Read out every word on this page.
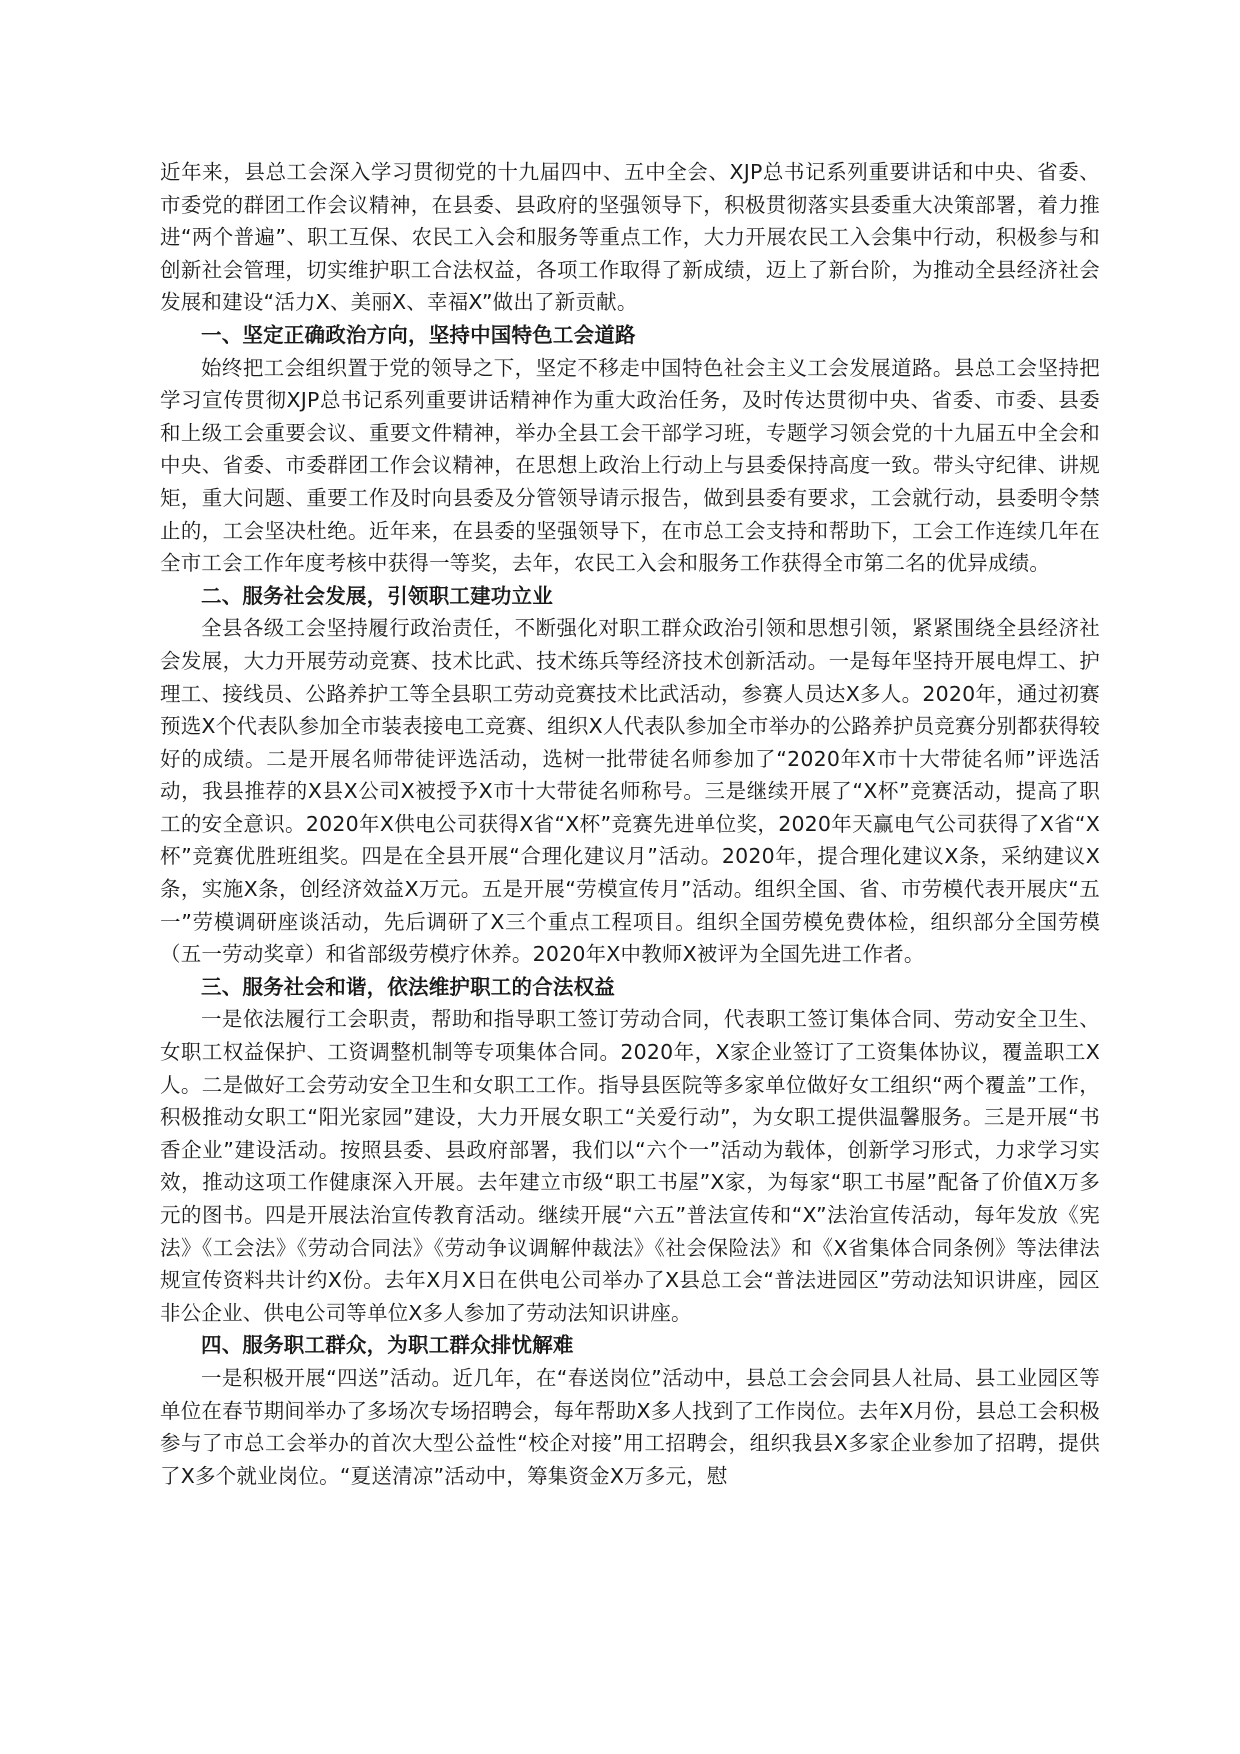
近年来，县总工会深入学习贯彻党的十九届四中、五中全会、XJP总书记系列重要讲话和中央、省委、市委党的群团工作会议精神，在县委、县政府的坚强领导下，积极贯彻落实县委重大决策部署，着力推进“两个普遍”、职工互保、农民工入会和服务等重点工作，大力开展农民工入会集中行动，积极参与和创新社会管理，切实维护职工合法权益，各项工作取得了新成绩，迈上了新台阶，为推动全县经济社会发展和建设“活力X、美丽X、幸福X”做出了新贡献。

一、坚定正确政治方向，坚持中国特色工会道路

始终把工会组织置于党的领导之下，坚定不移走中国特色社会主义工会发展道路。县总工会坚持把学习宣传贯彻XJP总书记系列重要讲话精神作为重大政治任务，及时传达贯彻中央、省委、市委、县委和上级工会重要会议、重要文件精神，举办全县工会干部学习班，专题学习领会党的十九届五中全会和中央、省委、市委群团工作会议精神，在思想上政治上行动上与县委保持高度一致。带头守纪律、讲规矩，重大问题、重要工作及时向县委及分管领导请示报告，做到县委有要求，工会就行动，县委明令禁止的，工会坚决杜绝。近年来，在县委的坚强领导下，在市总工会支持和帮助下，工会工作连续几年在全市工会工作年度考核中获得一等奖，去年，农民工入会和服务工作获得全市第二名的优异成绩。

二、服务社会发展，引领职工建功立业

全县各级工会坚持履行政治责任，不断强化对职工群众政治引领和思想引领，紧紧围绕全县经济社会发展，大力开展劳动竞赛、技术比武、技术练兵等经济技术创新活动。一是每年坚持开展电焊工、护理工、接线员、公路养护工等全县职工劳动竞赛技术比武活动，参赛人员达X多人。2020年，通过初赛预选X个代表队参加全市装表接电工竞赛、组织X人代表队参加全市举办的公路养护员竞赛分别都获得较好的成绩。二是开展名师带徒评选活动，选树一批带徒名师参加了“2020年X市十大带徒名师”评选活动，我县推荐的X县X公司X被授予X市十大带徒名师称号。三是继续开展了“X杯”竞赛活动，提高了职工的安全意识。2020年X供电公司获得X省“X杯”竞赛先进单位奖，2020年天赢电气公司获得了X省“X杯”竞赛优胜班组奖。四是在全县开展“合理化建议月”活动。2020年，提合理化建议X条，采纳建议X条，实施X条，创经济效益X万元。五是开展“劳模宣传月”活动。组织全国、省、市劳模代表开展庆“五一”劳模调研座谈活动，先后调研了X三个重点工程项目。组织全国劳模免费体检，组织部分全国劳模（五一劳动奖章）和省部级劳模疗休养。2020年X中教师X被评为全国先进工作者。

三、服务社会和谐，依法维护职工的合法权益

一是依法履行工会职责，帮助和指导职工签订劳动合同，代表职工签订集体合同、劳动安全卫生、女职工权益保护、工资调整机制等专项集体合同。2020年，X家企业签订了工资集体协议，覆盖职工X人。二是做好工会劳动安全卫生和女职工工作。指导县医院等多家单位做好女工组织“两个覆盖”工作，积极推动女职工“阳光家园”建设，大力开展女职工“关爱行动”，为女职工提供温馨服务。三是开展“书香企业”建设活动。按照县委、县政府部署，我们以“六个一”活动为载体，创新学习形式，力求学习实效，推动这项工作健康深入开展。去年建立市级“职工书屋”X家，为每家“职工书屋”配备了价值X万多元的图书。四是开展法治宣传教育活动。继续开展“六五”普法宣传和“X”法治宣传活动，每年发放《宪法》《工会法》《劳动合同法》《劳动争议调解仲裁法》《社会保险法》和《X省集体合同条例》等法律法规宣传资料共计约X份。去年X月X日在供电公司举办了X县总工会“普法进园区”劳动法知识讲座，园区非公企业、供电公司等单位X多人参加了劳动法知识讲座。

四、服务职工群众，为职工群众排忧解难

一是积极开展“四送”活动。近几年，在“春送岗位”活动中，县总工会会同县人社局、县工业园区等单位在春节期间举办了多场次专场招聘会，每年帮助X多人找到了工作岗位。去年X月份，县总工会积极参与了市总工会举办的首次大型公益性“校企对接”用工招聘会，组织我县X多家企业参加了招聘，提供了X多个就业岗位。“夏送清凉”活动中，筹集资金X万多元，慰
